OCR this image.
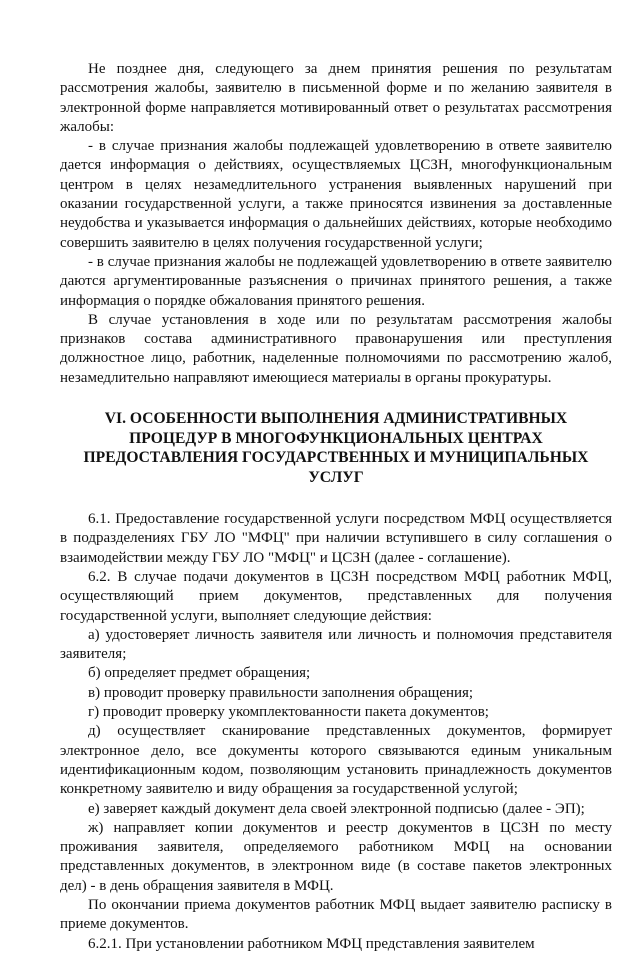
Не позднее дня, следующего за днем принятия решения по результатам рассмотрения жалобы, заявителю в письменной форме и по желанию заявителя в электронной форме направляется мотивированный ответ о результатах рассмотрения жалобы:

- в случае признания жалобы подлежащей удовлетворению в ответе заявителю дается информация о действиях, осуществляемых ЦСЗН, многофункциональным центром в целях незамедлительного устранения выявленных нарушений при оказании государственной услуги, а также приносятся извинения за доставленные неудобства и указывается информация о дальнейших действиях, которые необходимо совершить заявителю в целях получения государственной услуги;

- в случае признания жалобы не подлежащей удовлетворению в ответе заявителю даются аргументированные разъяснения о причинах принятого решения, а также информация о порядке обжалования принятого решения.

В случае установления в ходе или по результатам рассмотрения жалобы признаков состава административного правонарушения или преступления должностное лицо, работник, наделенные полномочиями по рассмотрению жалоб, незамедлительно направляют имеющиеся материалы в органы прокуратуры.

VI. ОСОБЕННОСТИ ВЫПОЛНЕНИЯ АДМИНИСТРАТИВНЫХ ПРОЦЕДУР В МНОГОФУНКЦИОНАЛЬНЫХ ЦЕНТРАХ ПРЕДОСТАВЛЕНИЯ ГОСУДАРСТВЕННЫХ И МУНИЦИПАЛЬНЫХ УСЛУГ

6.1. Предоставление государственной услуги посредством МФЦ осуществляется в подразделениях ГБУ ЛО "МФЦ" при наличии вступившего в силу соглашения о взаимодействии между ГБУ ЛО "МФЦ" и ЦСЗН (далее - соглашение).

6.2. В случае подачи документов в ЦСЗН посредством МФЦ работник МФЦ, осуществляющий прием документов, представленных для получения государственной услуги, выполняет следующие действия:

а) удостоверяет личность заявителя или личность и полномочия представителя заявителя;

б) определяет предмет обращения;

в) проводит проверку правильности заполнения обращения;

г) проводит проверку укомплектованности пакета документов;

д) осуществляет сканирование представленных документов, формирует электронное дело, все документы которого связываются единым уникальным идентификационным кодом, позволяющим установить принадлежность документов конкретному заявителю и виду обращения за государственной услугой;

е) заверяет каждый документ дела своей электронной подписью (далее - ЭП);

ж) направляет копии документов и реестр документов в ЦСЗН по месту проживания заявителя, определяемого работником МФЦ на основании представленных документов, в электронном виде (в составе пакетов электронных дел) - в день обращения заявителя в МФЦ.

По окончании приема документов работник МФЦ выдает заявителю расписку в приеме документов.

6.2.1. При установлении работником МФЦ представления заявителем
